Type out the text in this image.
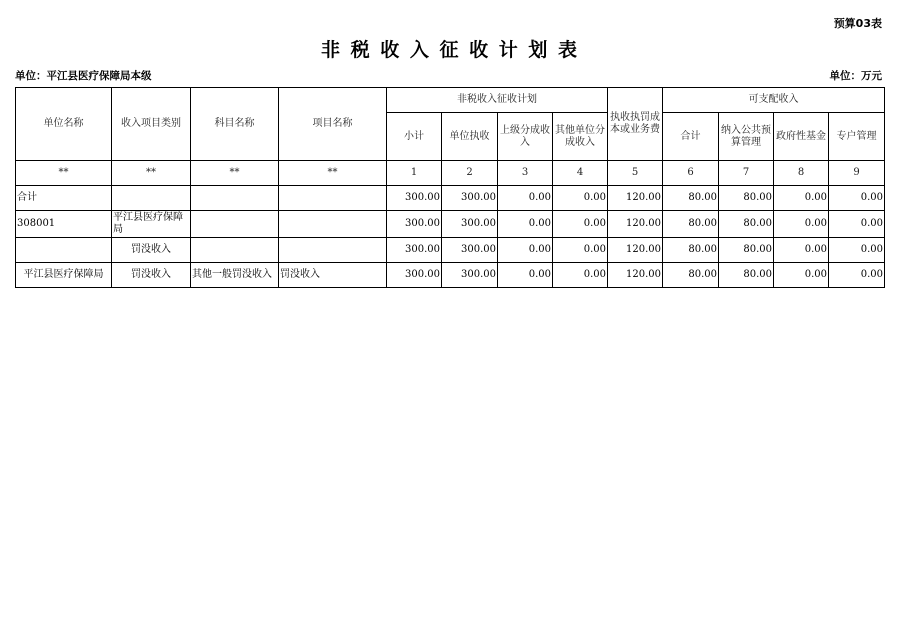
预算03表
非 税 收 入 征 收 计 划 表
单位：平江县医疗保障局本级	单位：万元
单位名称	收入项目类别	科目名称	项目名称	非税收入征收计划				执收执罚成本或业务费	可支配收入			
				小计	单位执收	上级分成收入	其他单位分成收入		合计	纳入公共预算管理	政府性基金	专户管理
**	**	**	**	1	2	3	4	5	6	7	8	9
合计				300.00	300.00	0.00	0.00	120.00	80.00	80.00	0.00	0.00
308001	平江县医疗保障局			300.00	300.00	0.00	0.00	120.00	80.00	80.00	0.00	0.00
	罚没收入			300.00	300.00	0.00	0.00	120.00	80.00	80.00	0.00	0.00
平江县医疗保障局	罚没收入	其他一般罚没收入	罚没收入	300.00	300.00	0.00	0.00	120.00	80.00	80.00	0.00	0.00
